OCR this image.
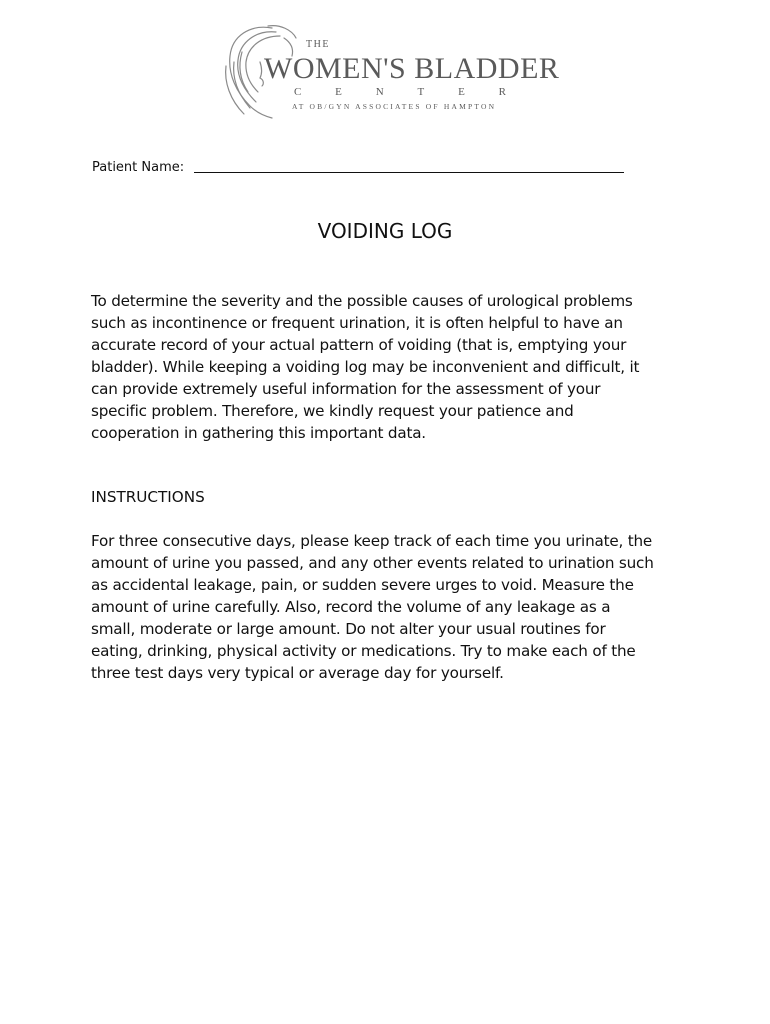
THE
WOMEN'S BLADDER
C	E	N	T	E	R
AT OB/GYN ASSOCIATES OF HAMPTON
Patient Name:
VOIDING LOG
To determine the severity and the possible causes of urological problems
such as incontinence or frequent urination, it is often helpful to have an
accurate record of your actual pattern of voiding (that is, emptying your
bladder). While keeping a voiding log may be inconvenient and difficult, it
can provide extremely useful information for the assessment of your
specific problem. Therefore, we kindly request your patience and
cooperation in gathering this important data.
INSTRUCTIONS
For three consecutive days, please keep track of each time you urinate, the
amount of urine you passed, and any other events related to urination such
as accidental leakage, pain, or sudden severe urges to void. Measure the
amount of urine carefully. Also, record the volume of any leakage as a
small, moderate or large amount. Do not alter your usual routines for
eating, drinking, physical activity or medications. Try to make each of the
three test days very typical or average day for yourself.
